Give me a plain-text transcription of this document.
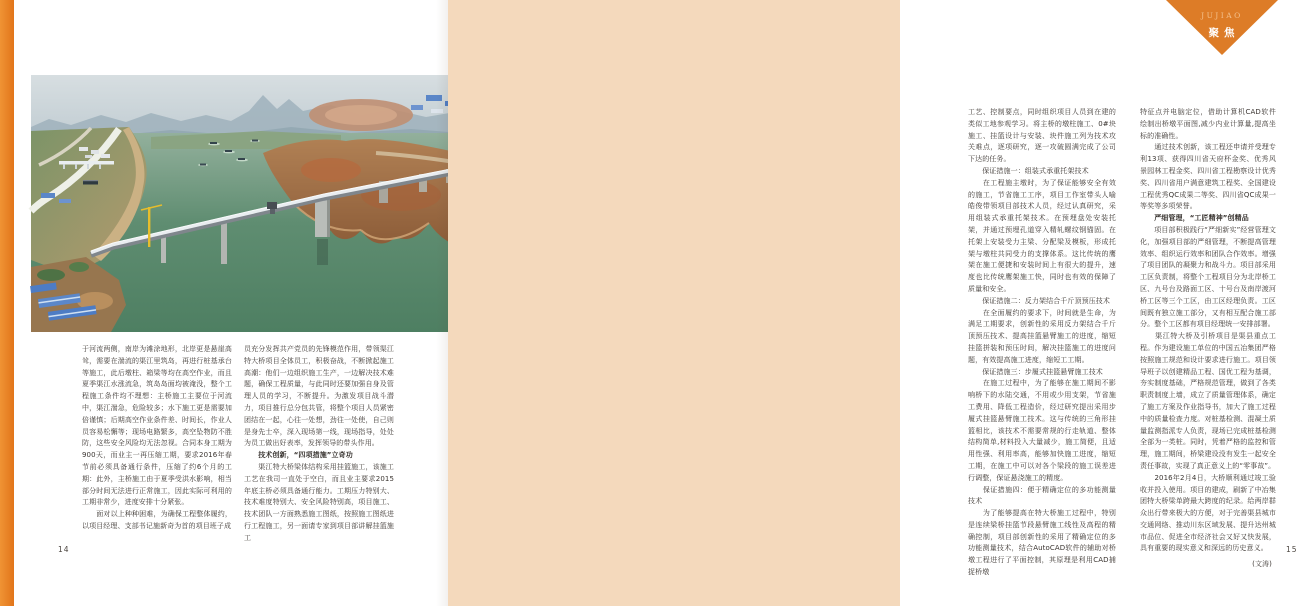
于河流两侧，南岸为滩涂地形，北岸更是悬崖高耸，需要在湍流的渠江里筑岛，再进行桩基承台等施工，此后墩柱、箱梁等均在高空作业，而且夏季渠江水涨流急，筑岛岛面均被淹没，整个工程施工条件均不理想：主桥施工主要位于河流中，渠江湍急，危险较多；水下施工更是需要加倍谨慎；后期高空作业条件差、时间长，作业人员容易松懈等；现场电路繁多，高空坠物防不胜防，这些安全风险均无法忽视。合同本身工期为900天，而业主一再压缩工期，要求2016年春节前必须具备通行条件，压缩了约6个月的工期：此外，主桥施工由于夏季受洪水影响，相当部分时间无法进行正常施工，因此实际可利用的工期非常少，进度安排十分紧张。

　　面对以上种种困难，为确保工程整体履约，以项目经理、支部书记施新奇为首的项目班子成

员充分发挥共产党员的先锋模范作用，带领渠江特大桥项目全体员工，积极奋战，不断掀起施工高潮：他们一边组织施工生产，一边解决技术难题，确保工程质量，与此同时还要加强自身及管理人员的学习，不断提升。为激发项目战斗潜力，项目推行总分包共管，将整个项目人员紧密团结在一起，心往一处想，劲往一处使，自己则是身先士卒，深入现场第一线，现场指导，处处为员工做出好表率，发挥领导的带头作用。

　　技术创新，“四项措施”立奇功

　　渠江特大桥梁体结构采用挂篮施工，该施工工艺在我司一直处于空白，而且业主要求2015年底主桥必须具备通行能力。工期压力特别大、技术难度特别大、安全风险特别高，项目施工、技术团队一方面熟悉施工图纸，按照施工图纸进行工程施工，另一面请专家到项目部讲解挂篮施工

14
JUJIAO
聚焦

工艺、控制要点，同时组织项目人员到在建的类似工地参观学习。将主桥的墩柱施工、0#块施工、挂篮设计与安装、块件施工列为技术攻关难点，逐项研究，逐一攻破圆满完成了公司下达的任务。

　　保证措施一：组装式承重托架技术

　　在工程施主墩时，为了保证能够安全有效的施工，节省施工工序，项目工作室带头人喻皓俊带领项目部技术人员，经过认真研究，采用组装式承重托架技术。在预埋盘处安装托架，并通过预埋孔道穿入精轧螺纹钢锚固。在托架上安装受力主梁、分配梁及模板，形成托架与墩柱共同受力的支撑体系。这比传统的鹰架在施工便捷和安装时间上有很大的提升，速度也比传统鹰架施工快，同时也有效的保障了质量和安全。

　　保证措施二：反力架结合千斤顶预压技术

　　在全面履约的要求下，时间就是生命，为满足工期要求，创新性的采用反力架结合千斤顶预压技术、提高挂篮悬臂施工的进度，缩短挂篮拼装和预压时间，解决挂篮施工的进度问题，有效提高施工进度，缩短工工期。

　　保证措施三：步履式挂篮悬臂施工技术

　　在施工过程中，为了能够在施工期间不影响桥下的水陆交通，不用或少用支架，节省施工费用、降低工程造价，经过研究提出采用步履式挂篮悬臂施工技术。这与传统的三角形挂篮相比，该技术不需要常规的行走轨道、整体结构简单,材料投入大量减少，施工简便，且适用性强、利用率高，能够加快施工进度，缩短工期，在施工中可以对各个梁段的施工误差进行调整，保证悬浇施工的精度。

　　保证措施四：便于精确定位的多功能测量技术

　　为了能够提高在特大桥施工过程中，特别是连续梁桥挂篮节段悬臂施工线性及高程的精确控制，项目部创新性的采用了精确定位的多功能测量技术，结合AutoCAD软件的辅助对桥墩工程进行了平面控制，其原理是利用CAD捕捉桥墩

特征点并电脑定位，借助计算机CAD软件绘制出桥墩平面图,减少内业计算量,提高坐标的准确性。

　　通过技术创新，该工程还申请并受理专利13项、获得四川省天府杯金奖、优秀风景园林工程金奖、四川省工程勘察设计优秀奖、四川省用户满意建筑工程奖、全国建设工程优秀QC成果二等奖、四川省QC成果一等奖等多项荣誉。

　　严细管理，“工匠精神”创精品

　　项目部积极践行“严细新实”经营管理文化，加强项目部的严细管理，不断提高管理效率、组织运行效率和团队合作效率。增强了项目团队的凝聚力和战斗力。项目部采用工区负责制，将整个工程项目分为北岸桥工区、九号台及路面工区、十号台及南岸渡河桥工区等三个工区，由工区经理负责。工区间既有独立施工部分，又有相互配合施工部分。整个工区都有项目经理统一安排部署。

　　渠江特大桥及引桥项目是渠县重点工程。作为建设施工单位的中国五冶集团严格按照施工规范和设计要求进行施工。项目领导班子以创建精品工程、国优工程为基调，夯实制度基础，严格规范管理，做到了各类职责制度上墙，成立了质量管理体系，确定了施工方案及作业指导书，加大了施工过程中的质量检查力度。对桩基检测、混凝土质量监测指派专人负责，现场已完成桩基检测全部为一类桩。同时，凭着严格的监控和管理，施工期间，桥梁建设没有发生一起安全责任事故，实现了真正意义上的“零事故”。

　　2016年2月4日，大桥顺利通过竣工验收并投入使用。项目的建成，刷新了中冶集团特大桥梁单跨最大跨度的纪录。给两岸群众出行带来极大的方便，对于完善渠县城市交通网络、推动川东区域发展、提升达州城市品位、促进全市经济社会又好又快发展，具有重要的现实意义和深远的历史意义。

(文涛)

15
